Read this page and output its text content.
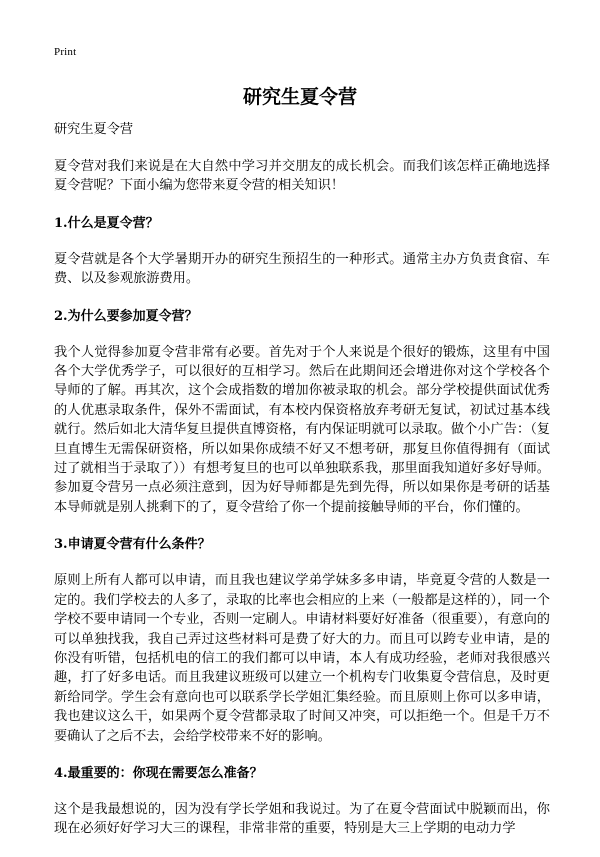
Print
研究生夏令营
研究生夏令营

夏令营对我们来说是在大自然中学习并交朋友的成长机会。而我们该怎样正确地选择夏令营呢？下面小编为您带来夏令营的相关知识！

1.什么是夏令营？

夏令营就是各个大学暑期开办的研究生预招生的一种形式。通常主办方负责食宿、车费、以及参观旅游费用。

2.为什么要参加夏令营？

我个人觉得参加夏令营非常有必要。首先对于个人来说是个很好的锻炼，这里有中国各个大学优秀学子，可以很好的互相学习。然后在此期间还会增进你对这个学校各个导师的了解。再其次，这个会成指数的增加你被录取的机会。部分学校提供面试优秀的人优惠录取条件，保外不需面试，有本校内保资格放弃考研无复试，初试过基本线就行。然后如北大清华复旦提供直博资格，有内保证明就可以录取。做个小广告：（复旦直博生无需保研资格，所以如果你成绩不好又不想考研，那复旦你值得拥有（面试过了就相当于录取了））有想考复旦的也可以单独联系我，那里面我知道好多好导师。参加夏令营另一点必须注意到，因为好导师都是先到先得，所以如果你是考研的话基本导师就是别人挑剩下的了，夏令营给了你一个提前接触导师的平台，你们懂的。

3.申请夏令营有什么条件？

原则上所有人都可以申请，而且我也建议学弟学妹多多申请，毕竟夏令营的人数是一定的。我们学校去的人多了，录取的比率也会相应的上来（一般都是这样的），同一个学校不要申请同一个专业，否则一定刷人。申请材料要好好准备（很重要），有意向的可以单独找我，我自己弄过这些材料可是费了好大的力。而且可以跨专业申请，是的你没有听错，包括机电的信工的我们都可以申请，本人有成功经验，老师对我很感兴趣，打了好多电话。而且我建议班级可以建立一个机构专门收集夏令营信息，及时更新给同学。学生会有意向也可以联系学长学姐汇集经验。而且原则上你可以多申请，我也建议这么干，如果两个夏令营都录取了时间又冲突，可以拒绝一个。但是千万不要确认了之后不去，会给学校带来不好的影响。

4.最重要的：你现在需要怎么准备？

这个是我最想说的，因为没有学长学姐和我说过。为了在夏令营面试中脱颖而出，你现在必须好好学习大三的课程，非常非常的重要，特别是大三上学期的电动力学
